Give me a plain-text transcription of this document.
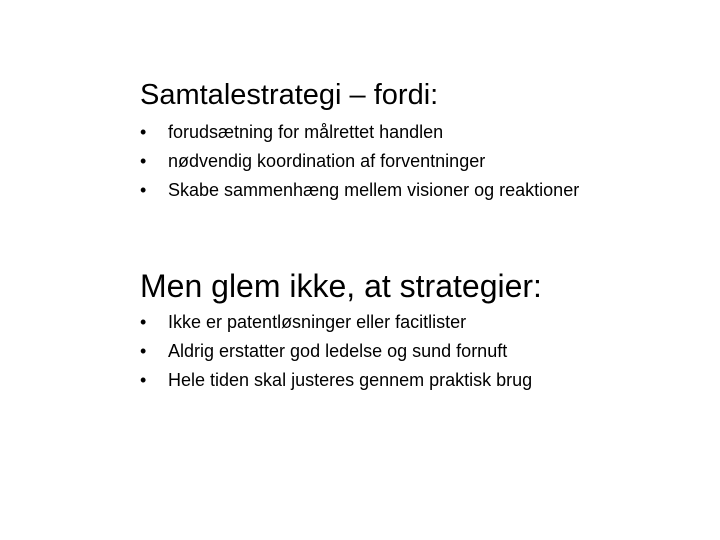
Samtalestrategi – fordi:
•	forudsætning for målrettet handlen
•	nødvendig koordination af forventninger
•	Skabe sammenhæng mellem visioner og reaktioner
Men glem ikke, at strategier:
•	Ikke er patentløsninger eller facitlister
•	Aldrig erstatter god ledelse og sund fornuft
•	Hele tiden skal justeres gennem praktisk brug
